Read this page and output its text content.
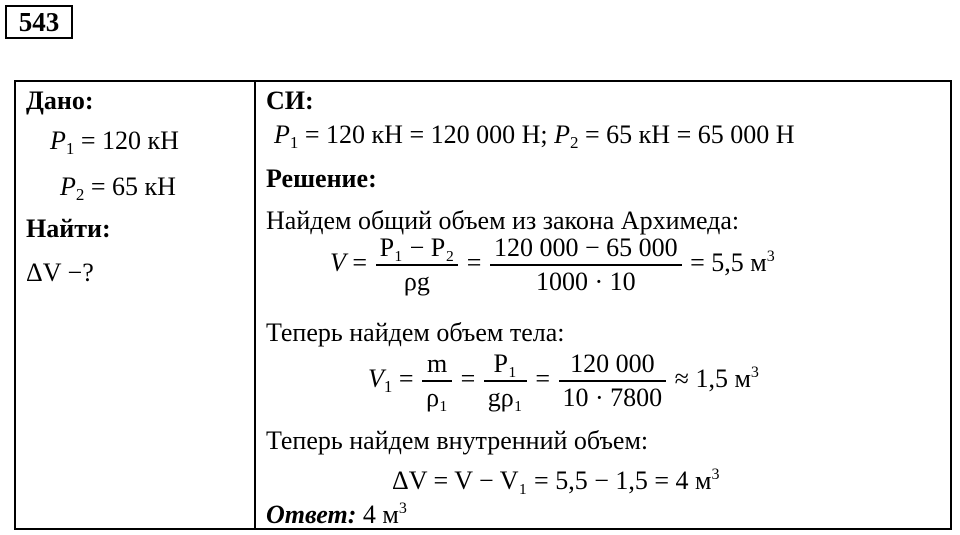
543
Дано:
$P_1 = 120$ кН
$P_2 = 65$ кН
Найти:
ΔV −?

СИ:
$P_1 = 120$ кН = 120 000 Н; $P_2 = 65$ кН = 65 000 Н
Решение:
Найдем общий объем из закона Архимеда:
$V = \frac{\text{P₁ − P₂}}{\rho g} = \frac{120 000 - 65 000}{1000 \cdot 10} = 5,5$ $м^3$
Теперь найдем объем тела:
$V_1 = \frac{m}{\text{ρ₁}} = \frac{\text{P₁}}{\text{gρ₁}} = \frac{120 000}{10 \cdot 7800} \approx 1,5$ $м^3$
Теперь найдем внутренний объем:
ΔV = V − V₁ = 5,5 − 1,5 = 4 $м^3$
Ответ: 4 $м^3$
